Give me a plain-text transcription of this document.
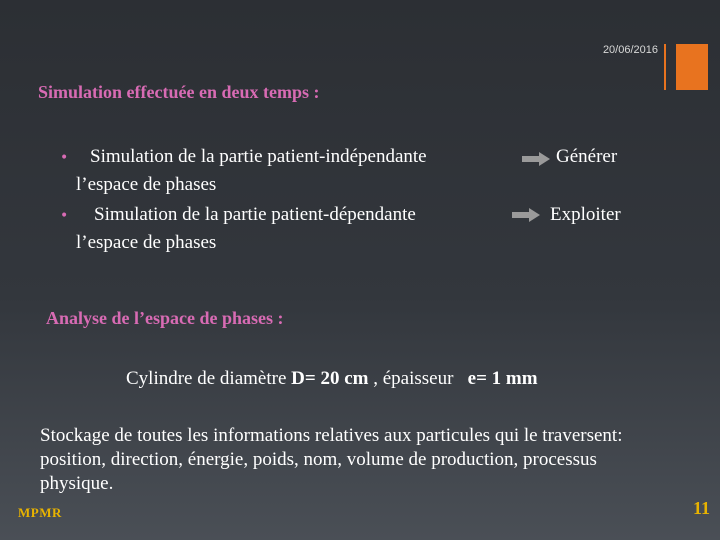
20/06/2016
Simulation effectuée en deux temps :
• Simulation de la partie patient-indépendante	Générer
l’espace de phases
• Simulation de la partie patient-dépendante	Exploiter
l’espace de phases
Analyse de l’espace de phases :
Cylindre de diamètre D= 20 cm , épaisseur   e= 1 mm
Stockage de toutes les informations relatives aux particules qui le traversent: position, direction, énergie, poids, nom, volume de production, processus physique.
MPMR	11
